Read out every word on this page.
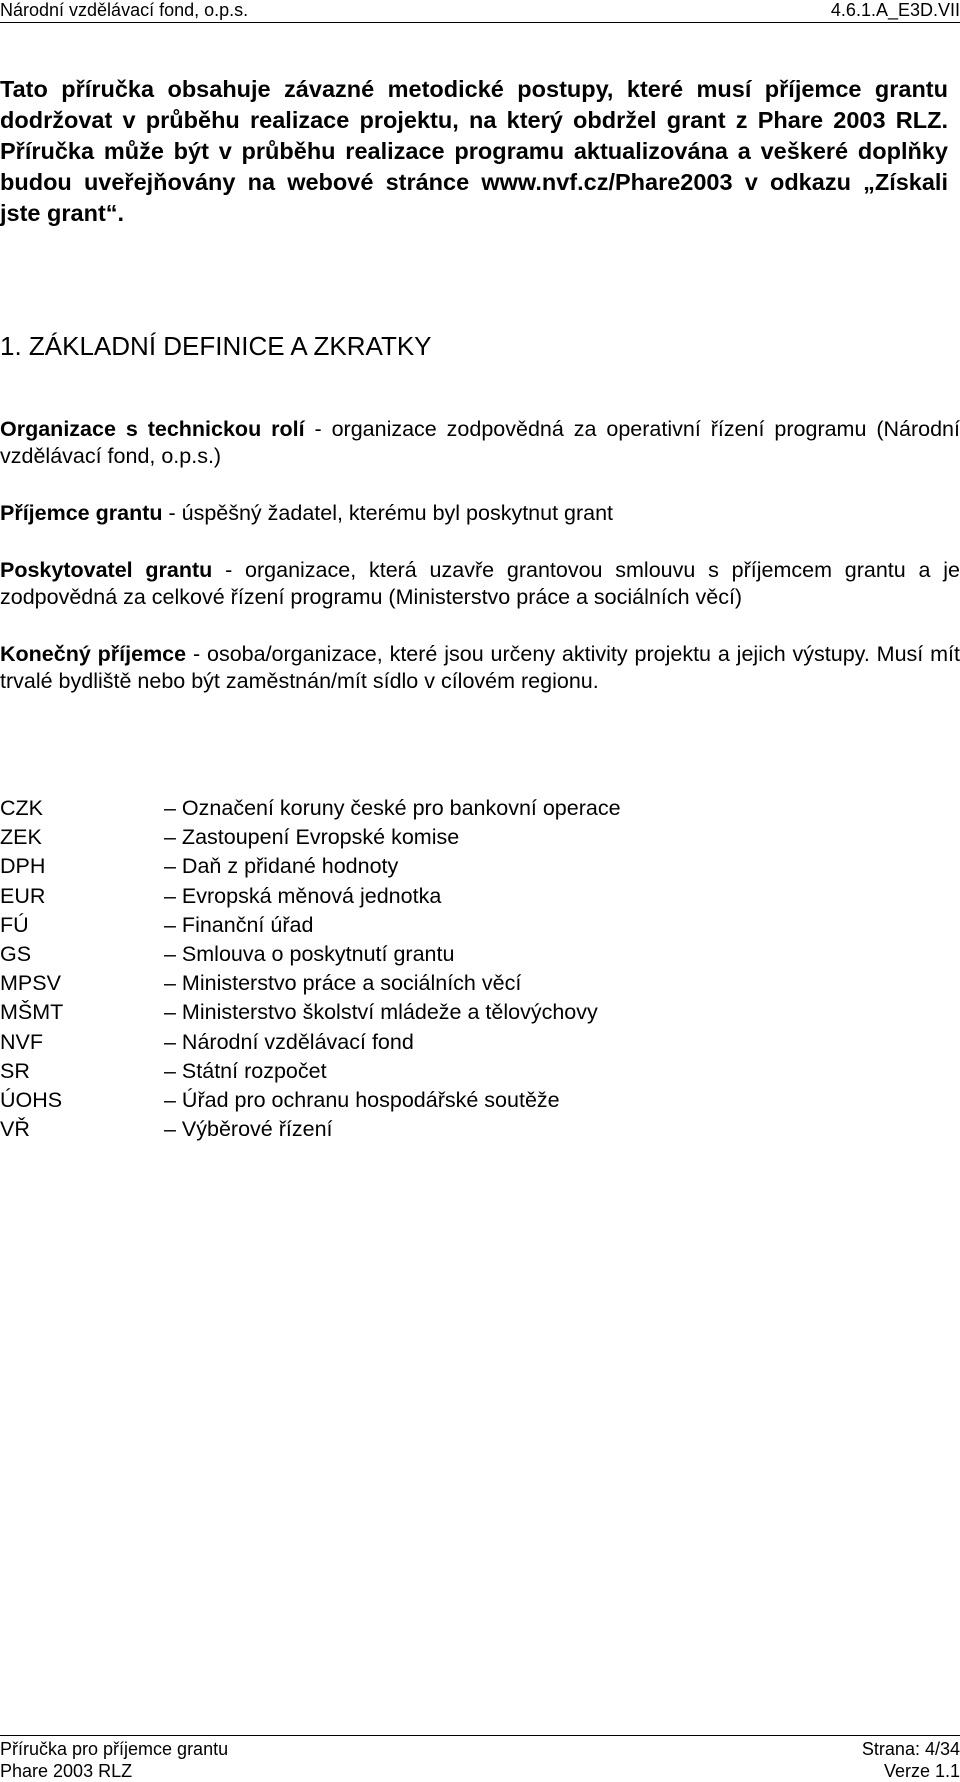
Národní vzdělávací fond, o.p.s.	4.6.1.A_E3D.VII

Tato příručka obsahuje závazné metodické postupy, které musí příjemce grantu dodržovat v průběhu realizace projektu, na který obdržel grant z Phare 2003 RLZ. Příručka může být v průběhu realizace programu aktualizována a veškeré doplňky budou uveřejňovány na webové stránce www.nvf.cz/Phare2003 v odkazu „Získali jste grant“.

1. ZÁKLADNÍ DEFINICE A ZKRATKY

Organizace s technickou rolí - organizace zodpovědná za operativní řízení programu (Národní vzdělávací fond, o.p.s.)

Příjemce grantu - úspěšný žadatel, kterému byl poskytnut grant

Poskytovatel grantu - organizace, která uzavře grantovou smlouvu s příjemcem grantu a je zodpovědná za celkové řízení programu (Ministerstvo práce a sociálních věcí)

Konečný příjemce - osoba/organizace, které jsou určeny aktivity projektu a jejich výstupy. Musí mít trvalé bydliště nebo být zaměstnán/mít sídlo v cílovém regionu.

CZK	– Označení koruny české pro bankovní operace
ZEK	– Zastoupení Evropské komise
DPH	– Daň z přidané hodnoty
EUR	– Evropská měnová jednotka
FÚ	– Finanční úřad
GS	– Smlouva o poskytnutí grantu
MPSV	– Ministerstvo práce a sociálních věcí
MŠMT	– Ministerstvo školství mládeže a tělovýchovy
NVF	– Národní vzdělávací fond
SR	– Státní rozpočet
ÚOHS	– Úřad pro ochranu hospodářské soutěže
VŘ	– Výběrové řízení
Příručka pro příjemce grantu	Strana: 4/34
Phare 2003 RLZ	Verze 1.1
